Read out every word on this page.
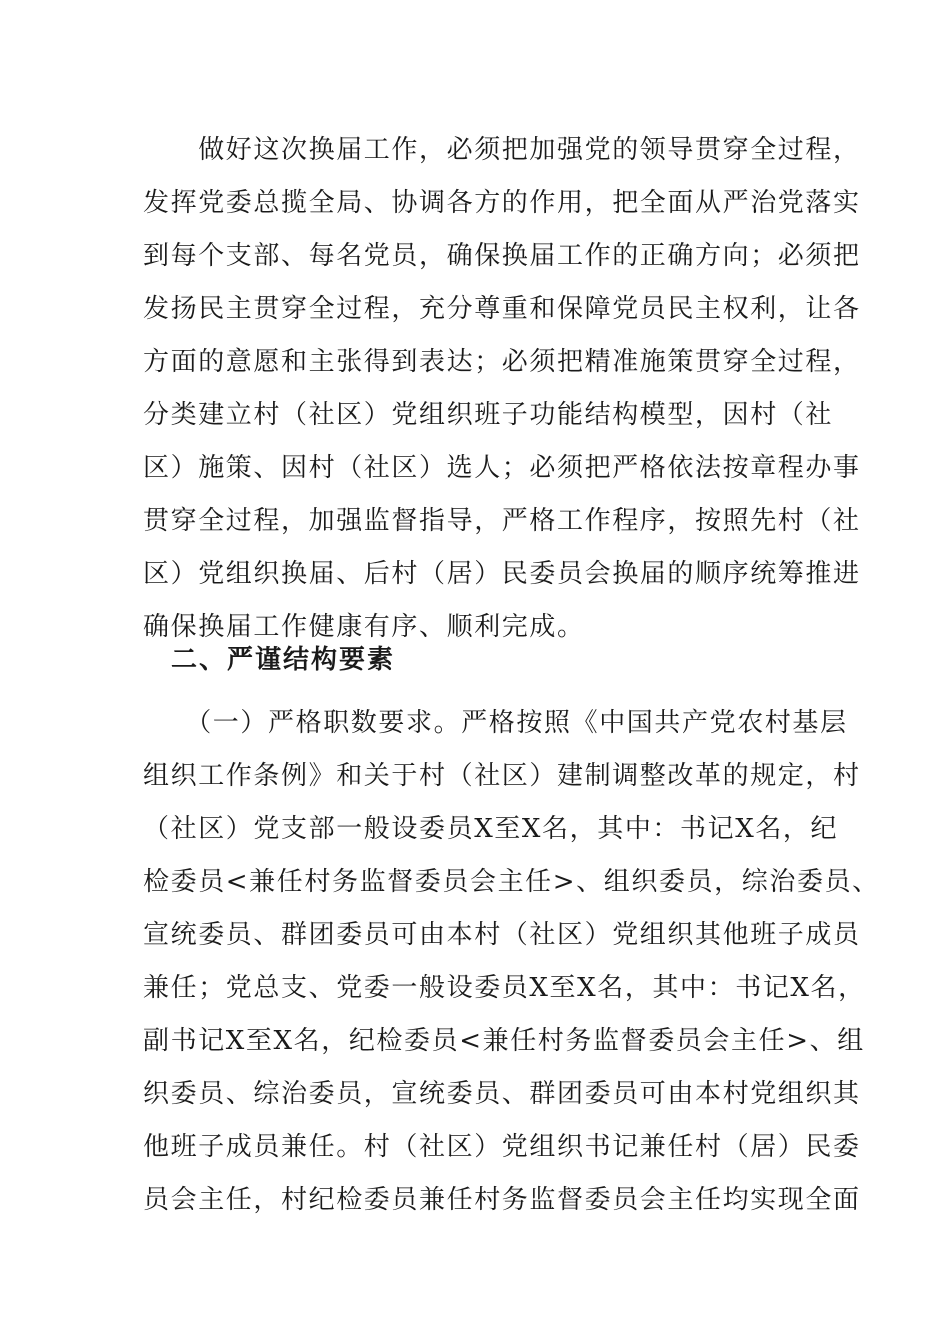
　　做好这次换届工作，必须把加强党的领导贯穿全过程，
发挥党委总揽全局、协调各方的作用，把全面从严治党落实
到每个支部、每名党员，确保换届工作的正确方向；必须把
发扬民主贯穿全过程，充分尊重和保障党员民主权利，让各
方面的意愿和主张得到表达；必须把精准施策贯穿全过程，
分类建立村（社区）党组织班子功能结构模型，因村（社
区）施策、因村（社区）选人；必须把严格依法按章程办事
贯穿全过程，加强监督指导，严格工作程序，按照先村（社
区）党组织换届、后村（居）民委员会换届的顺序统筹推进
确保换届工作健康有序、顺利完成。
　二、严谨结构要素
　　（一）严格职数要求。严格按照《中国共产党农村基层
组织工作条例》和关于村（社区）建制调整改革的规定，村
（社区）党支部一般设委员X至X名，其中：书记X名，纪
检委员<兼任村务监督委员会主任>、组织委员，综治委员、
宣统委员、群团委员可由本村（社区）党组织其他班子成员
兼任；党总支、党委一般设委员X至X名，其中：书记X名，
副书记X至X名，纪检委员<兼任村务监督委员会主任>、组
织委员、综治委员，宣统委员、群团委员可由本村党组织其
他班子成员兼任。村（社区）党组织书记兼任村（居）民委
员会主任，村纪检委员兼任村务监督委员会主任均实现全面
